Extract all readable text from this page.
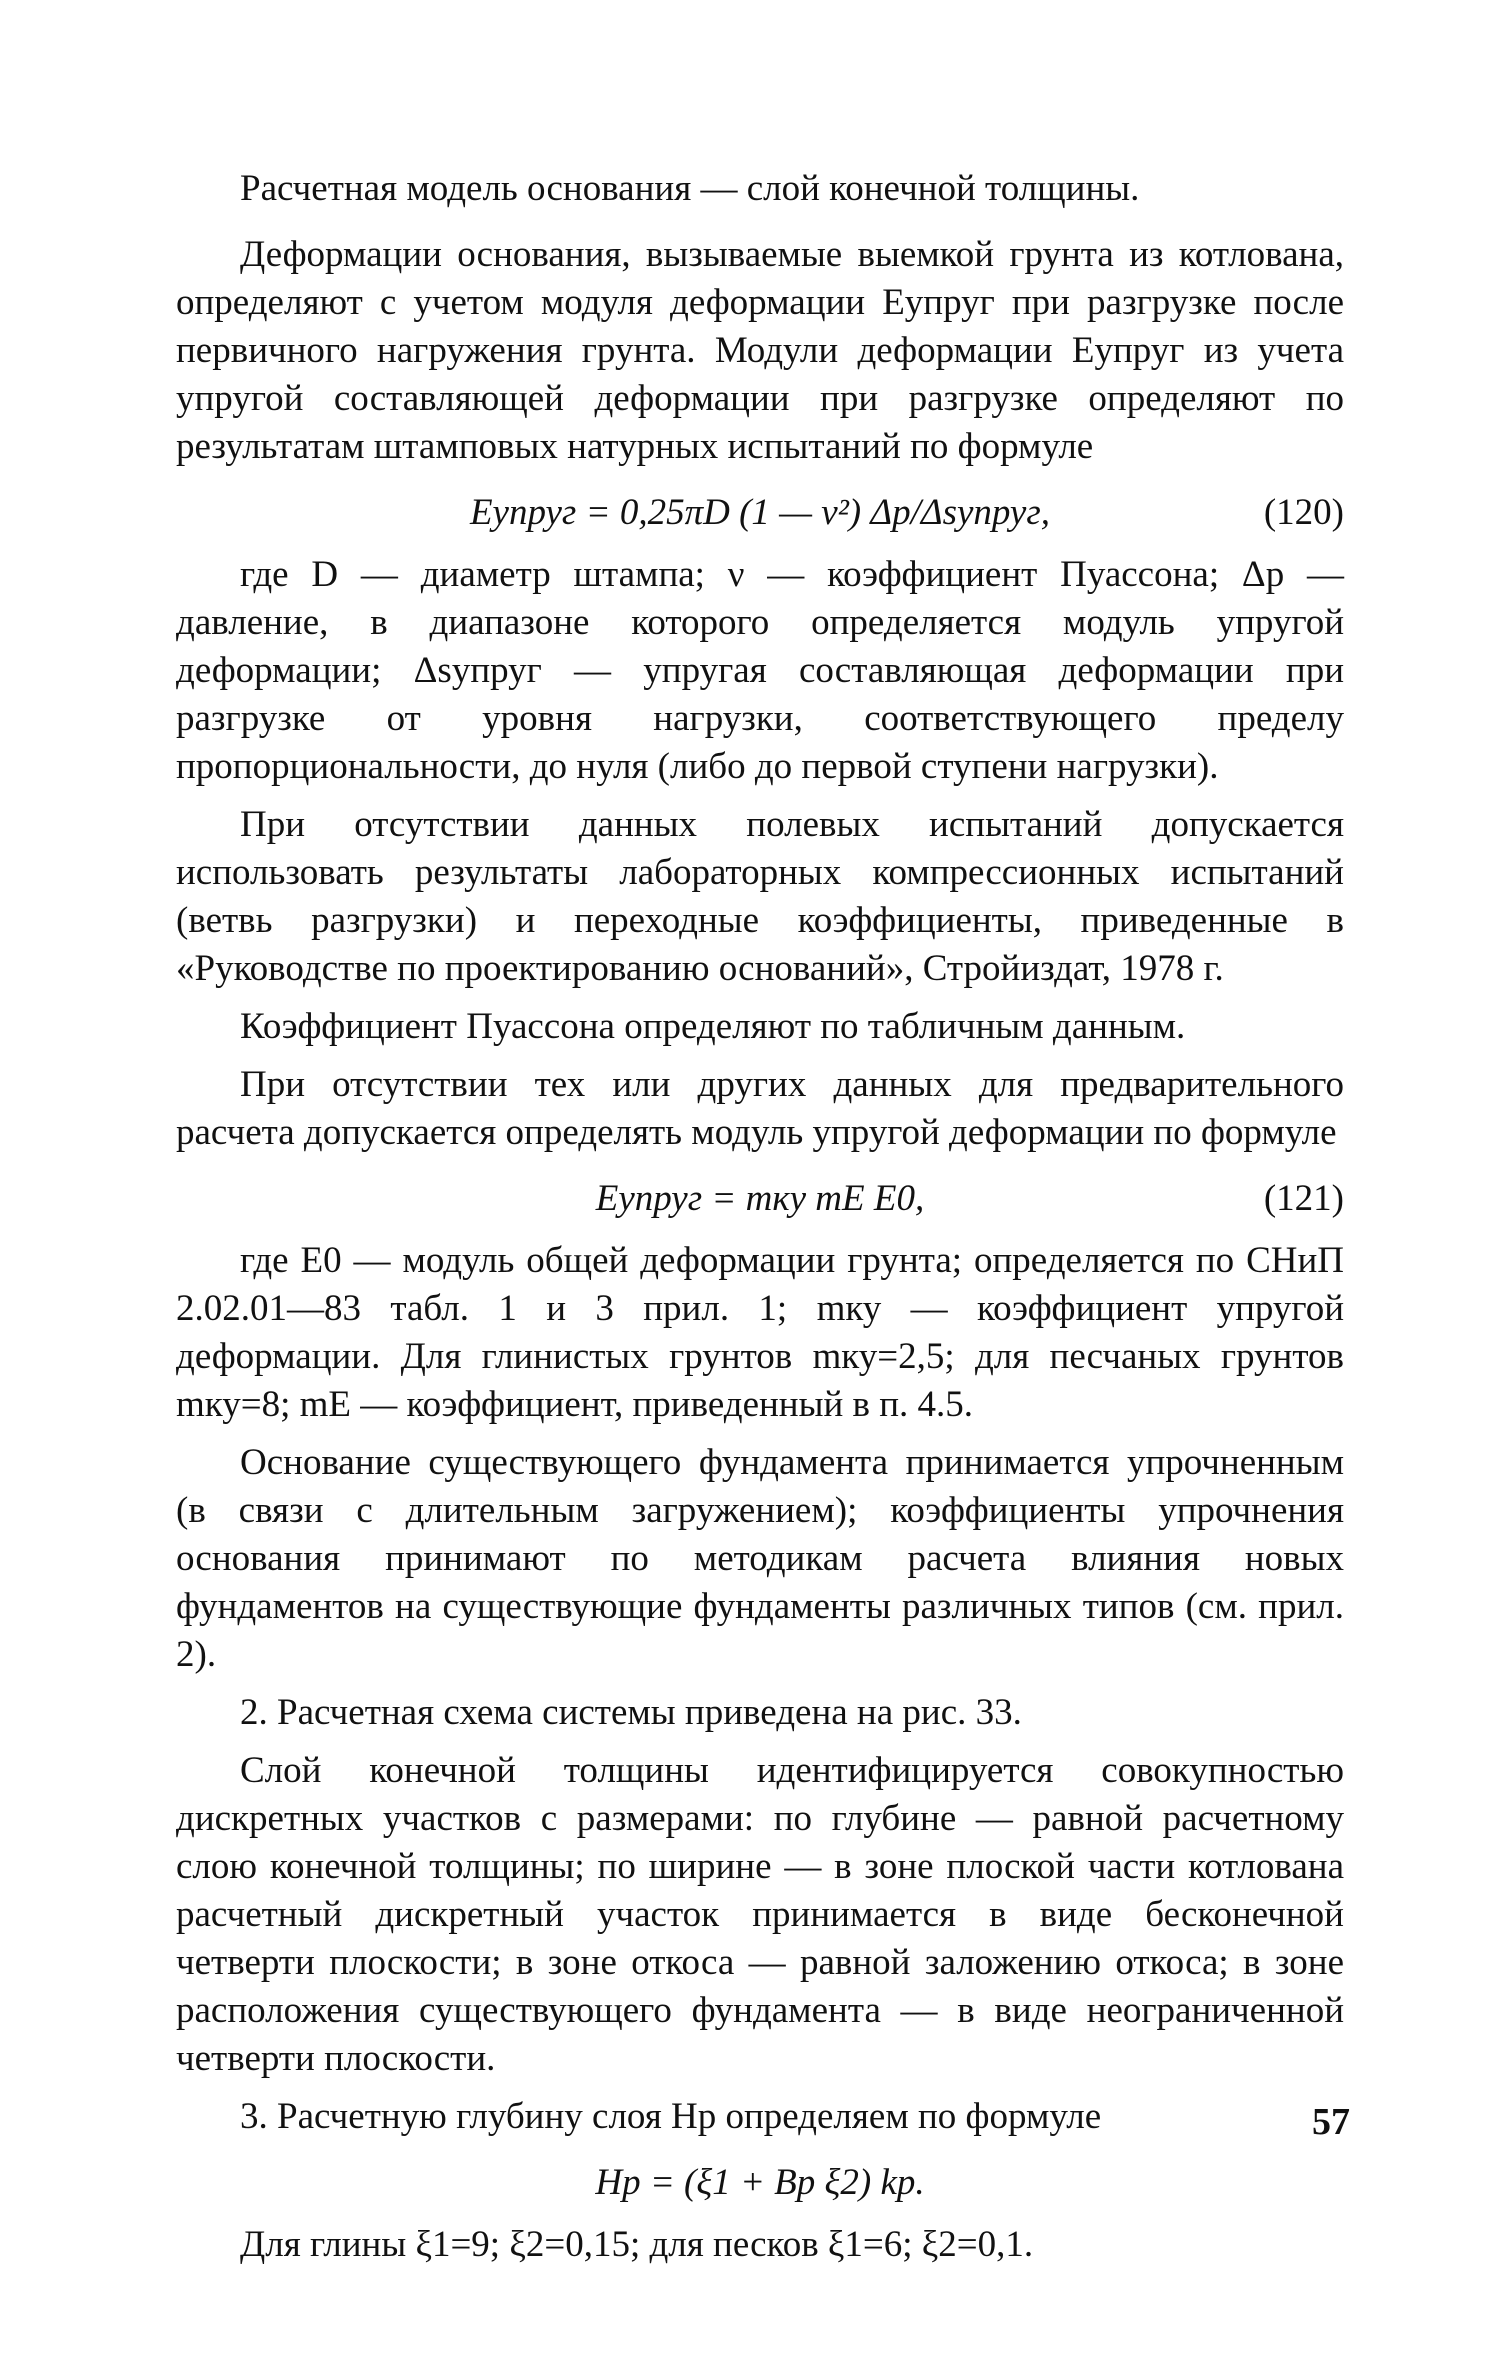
Расчетная модель основания — слой конечной толщины.

Деформации основания, вызываемые выемкой грунта из котлована, определяют с учетом модуля деформации Eупруг при разгрузке после первичного нагружения грунта. Модули деформации Eупруг из учета упругой составляющей деформации при разгрузке определяют по результатам штамповых натурных испытаний по формуле

Eупруг = 0,25πD (1 — ν²) Δp/Δsупруг,	(120)

где D — диаметр штампа; ν — коэффициент Пуассона; Δp — давление, в диапазоне которого определяется модуль упругой деформации; Δsупруг — упругая составляющая деформации при разгрузке от уровня нагрузки, соответствующего пределу пропорциональности, до нуля (либо до первой ступени нагрузки).

При отсутствии данных полевых испытаний допускается использовать результаты лабораторных компрессионных испытаний (ветвь разгрузки) и переходные коэффициенты, приведенные в «Руководстве по проектированию оснований», Стройиздат, 1978 г.

Коэффициент Пуассона определяют по табличным данным.

При отсутствии тех или других данных для предварительного расчета допускается определять модуль упругой деформации по формуле

Eупруг = mку mE E0,	(121)

где E0 — модуль общей деформации грунта; определяется по СНиП 2.02.01—83 табл. 1 и 3 прил. 1; mку — коэффициент упругой деформации. Для глинистых грунтов mку=2,5; для песчаных грунтов mку=8; mE — коэффициент, приведенный в п. 4.5.

Основание существующего фундамента принимается упрочненным (в связи с длительным загружением); коэффициенты упрочнения основания принимают по методикам расчета влияния новых фундаментов на существующие фундаменты различных типов (см. прил. 2).

2. Расчетная схема системы приведена на рис. 33.

Слой конечной толщины идентифицируется совокупностью дискретных участков с размерами: по глубине — равной расчетному слою конечной толщины; по ширине — в зоне плоской части котлована расчетный дискретный участок принимается в виде бесконечной четверти плоскости; в зоне откоса — равной заложению откоса; в зоне расположения существующего фундамента — в виде неограниченной четверти плоскости.

3. Расчетную глубину слоя Hр определяем по формуле

Hр = (ξ1 + Bр ξ2) kр.

Для глины ξ1=9; ξ2=0,15; для песков ξ1=6; ξ2=0,1.

57
